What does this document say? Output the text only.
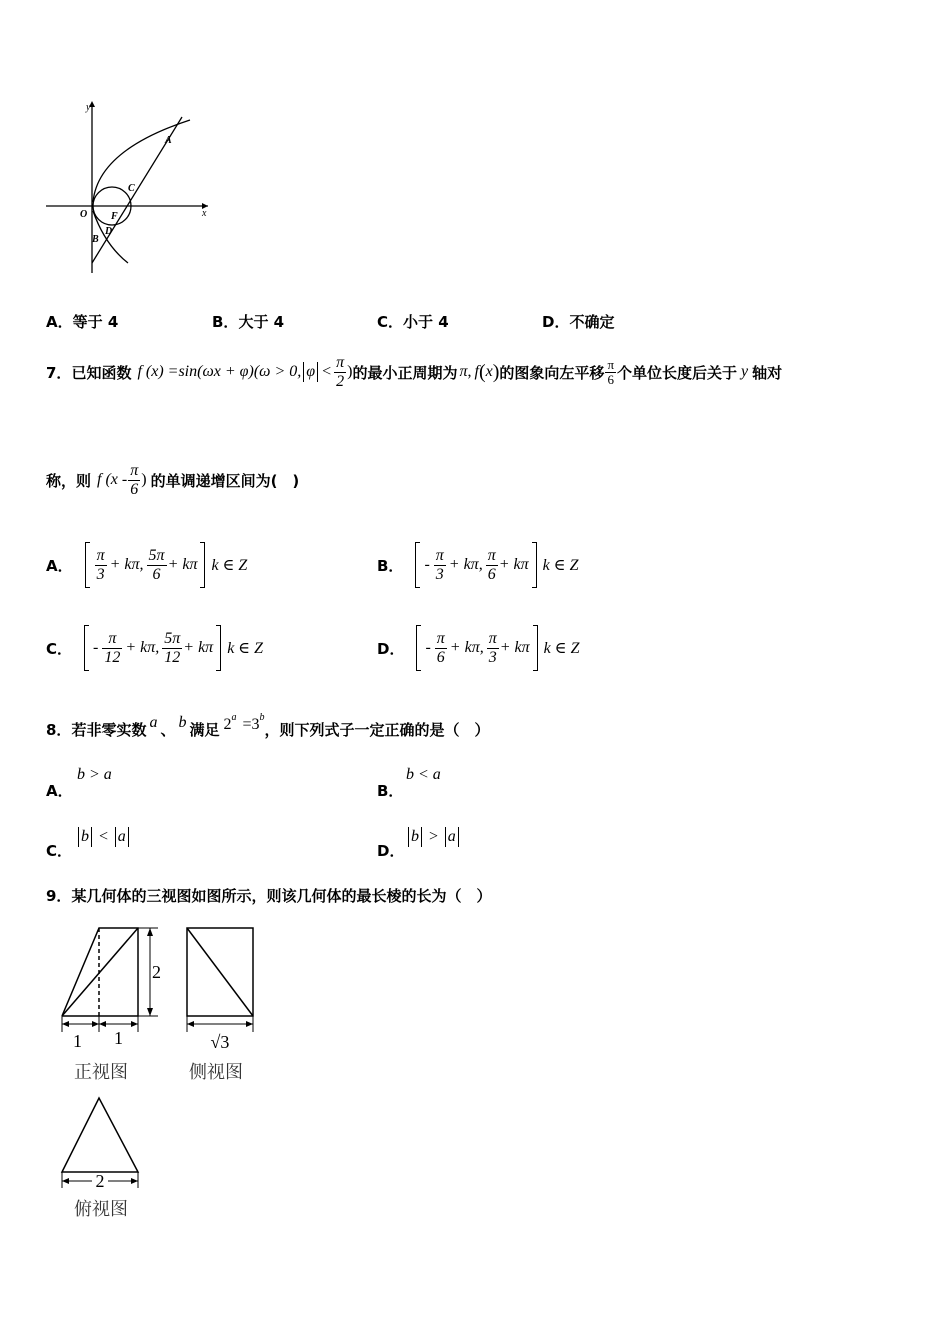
y
x
O F
A
C
D
B
A．等于 4	B．大于 4	C．小于 4	D．不确定
7． 已知函数 f (x) =sin(ωx + φ)(ω > 0, $\varphi < \frac{\pi}{2}$ ) 的最小正周期为 π , f ( x ) 的图象向左平移 $\frac{\pi}{6}$ 个单位长度后关于 y 轴对
称，则 f ($x - \frac{\pi}{6}$ ) 的单调递增区间为(　)
A． $\frac{\pi}{3} + k\pi$, $\frac{5\pi}{6} + k\pi$ k ∈ Z	B． - $\frac{\pi}{3} + k\pi$, $\frac{\pi}{6} + k\pi$ k ∈ Z
C． - $\frac{\pi}{12} + k\pi$, $\frac{5\pi}{12} + k\pi$ k ∈ Z	D． - $\frac{\pi}{6} + k\pi$, $\frac{\pi}{3} + k\pi$ k ∈ Z
8． 若非零实数 a 、 b 满足 $2^a =3^b$
，则下列式子一定正确的是（　）
A．
b > a
B．
b < a
C．
b < a
D．
b > a
9．某几何体的三视图如图所示，则该几何体的最长棱的长为（　）
2
1 1
正视图
√3
侧视图
2
俯视图
